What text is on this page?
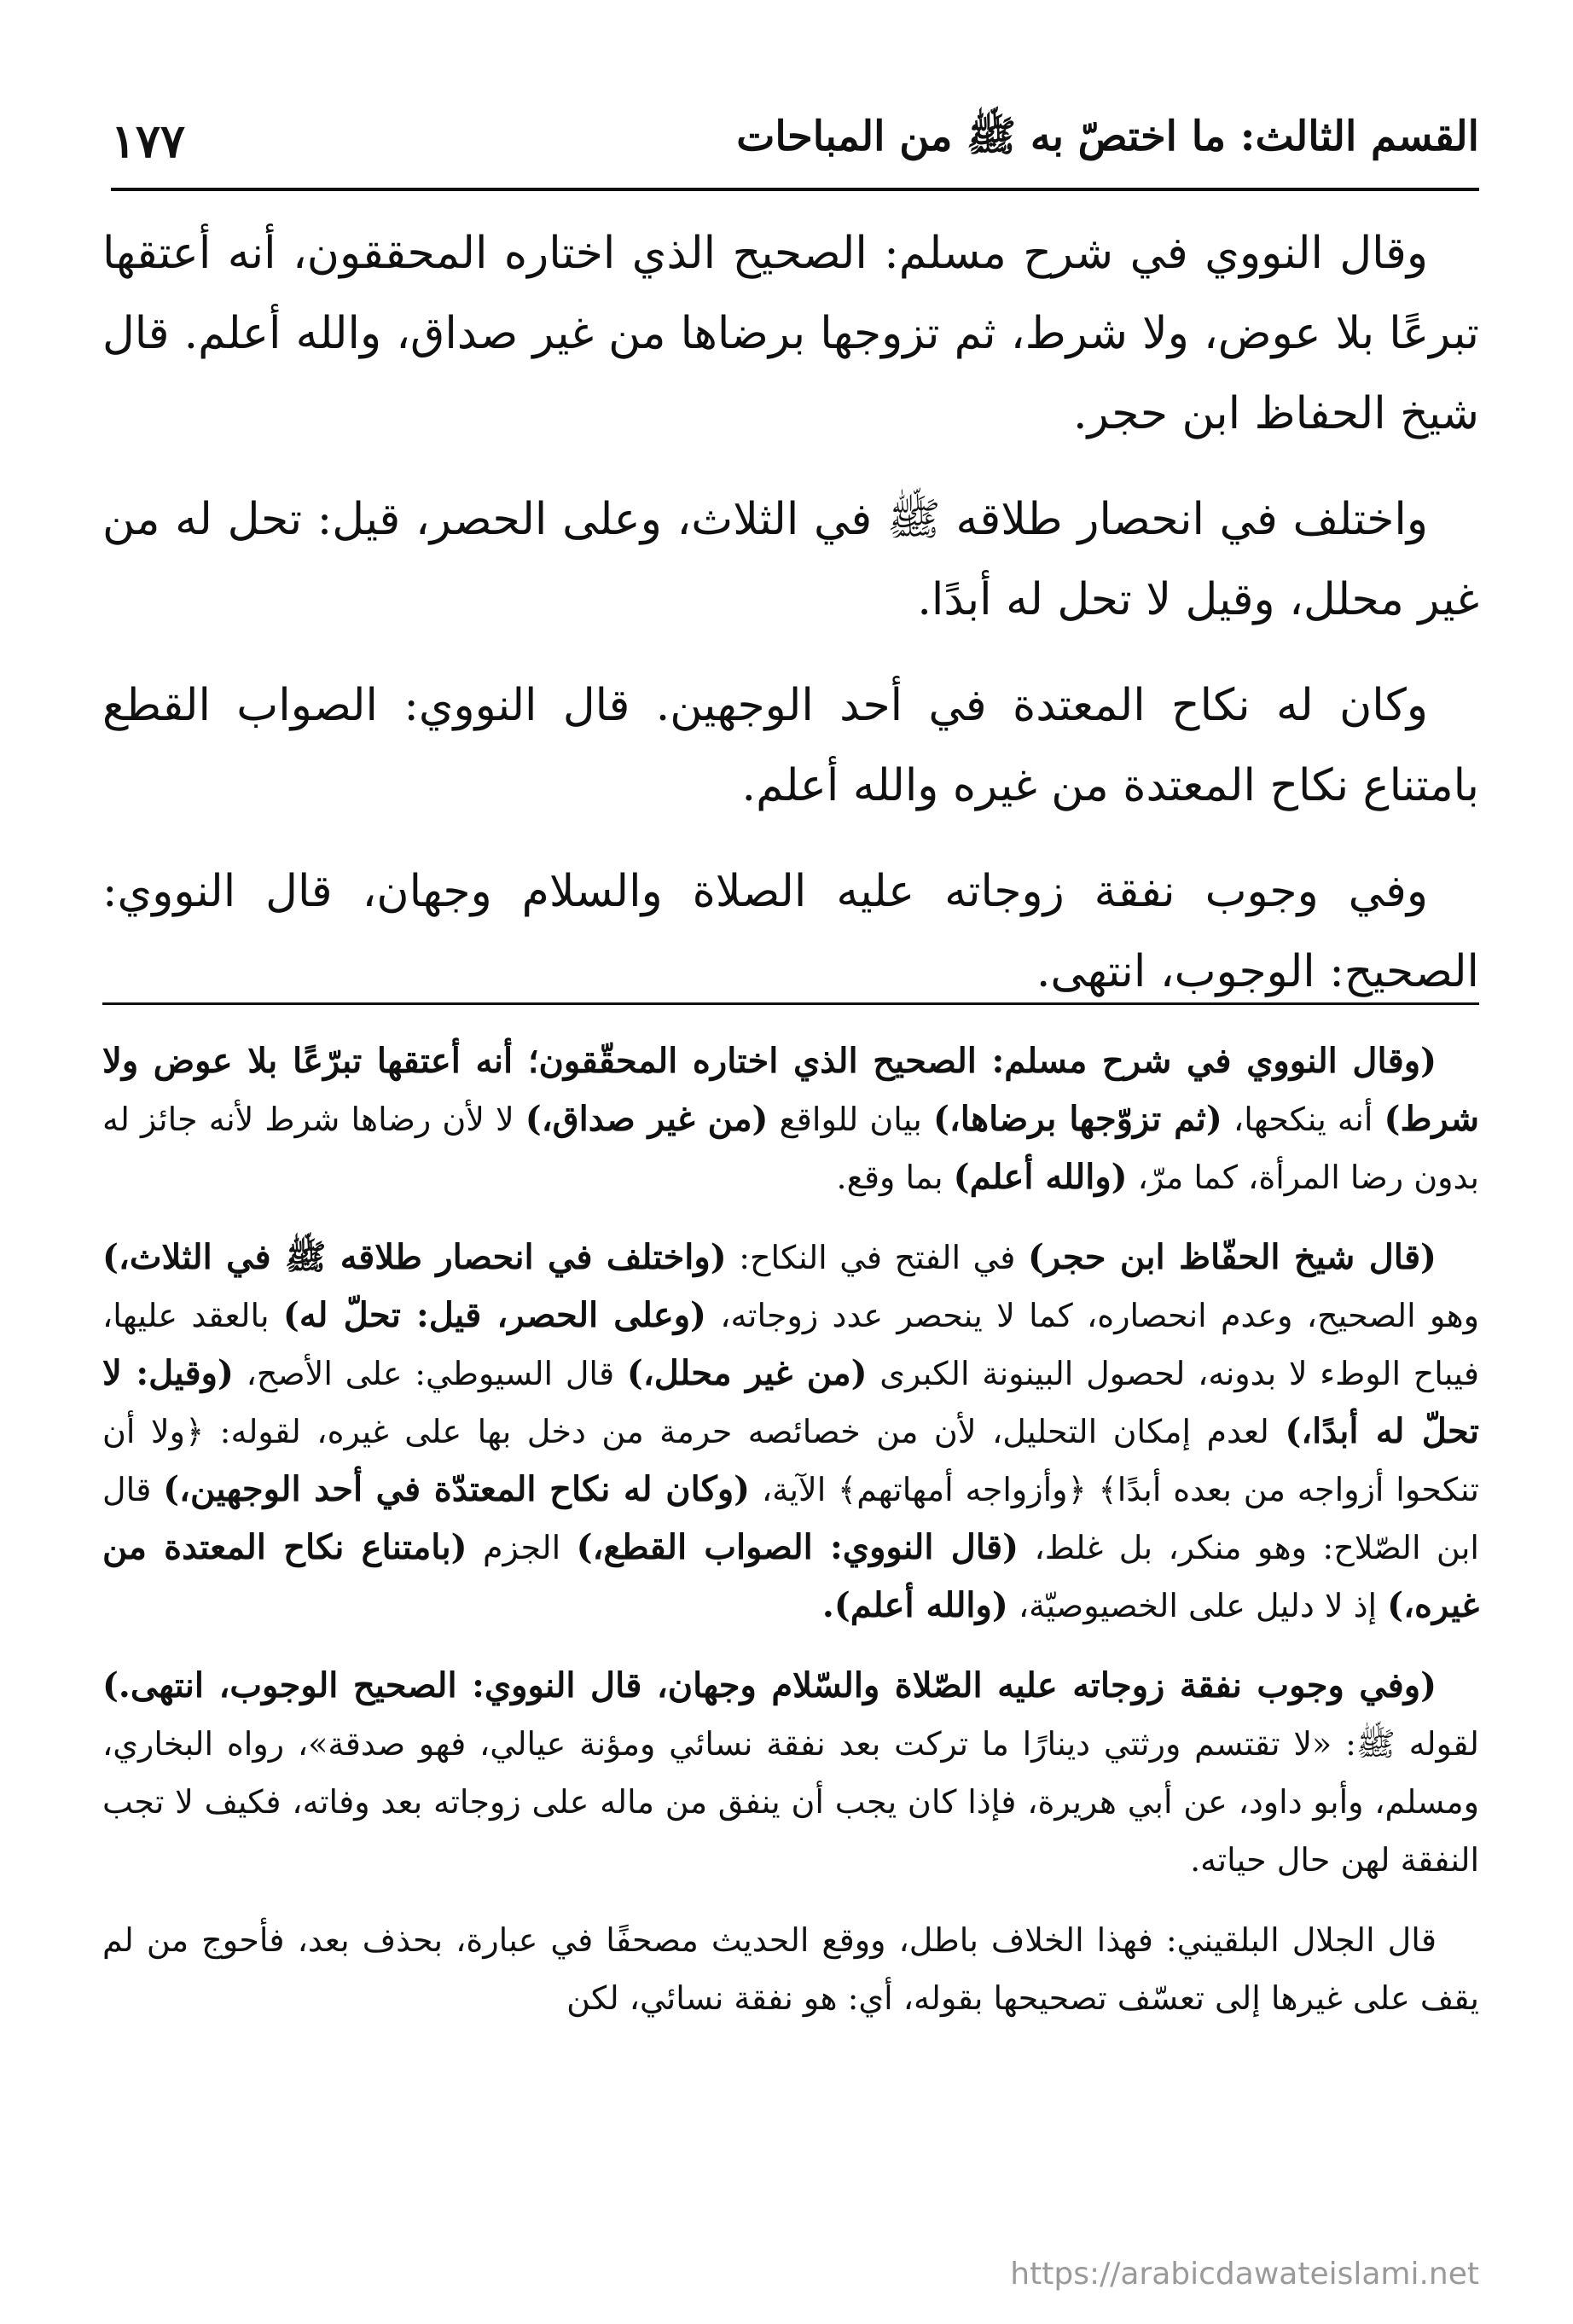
القسم الثالث: ما اختصّ به ﷺ من المباحات
١٧٧

وقال النووي في شرح مسلم: الصحيح الذي اختاره المحققون، أنه أعتقها تبرعًا بلا عوض، ولا شرط، ثم تزوجها برضاها من غير صداق، والله أعلم. قال شيخ الحفاظ ابن حجر.

واختلف في انحصار طلاقه ﷺ في الثلاث، وعلى الحصر، قيل: تحل له من غير محلل، وقيل لا تحل له أبدًا.

وكان له نكاح المعتدة في أحد الوجهين. قال النووي: الصواب القطع بامتناع نكاح المعتدة من غيره والله أعلم.

وفي وجوب نفقة زوجاته عليه الصلاة والسلام وجهان، قال النووي: الصحيح: الوجوب، انتهى.

(وقال النووي في شرح مسلم: الصحيح الذي اختاره المحقّقون؛ أنه أعتقها تبرّعًا بلا عوض ولا شرط) أنه ينكحها، (ثم تزوّجها برضاها،) بيان للواقع (من غير صداق،) لا لأن رضاها شرط لأنه جائز له بدون رضا المرأة، كما مرّ، (والله أعلم) بما وقع.

(قال شيخ الحفّاظ ابن حجر) في الفتح في النكاح: (واختلف في انحصار طلاقه ﷺ في الثلاث،) وهو الصحيح، وعدم انحصاره، كما لا ينحصر عدد زوجاته، (وعلى الحصر، قيل: تحلّ له) بالعقد عليها، فيباح الوطء لا بدونه، لحصول البينونة الكبرى (من غير محلل،) قال السيوطي: على الأصح، (وقيل: لا تحلّ له أبدًا،) لعدم إمكان التحليل، لأن من خصائصه حرمة من دخل بها على غيره، لقوله: ﴿ولا أن تنكحوا أزواجه من بعده أبدًا﴾ ﴿وأزواجه أمهاتهم﴾ الآية، (وكان له نكاح المعتدّة في أحد الوجهين،) قال ابن الصّلاح: وهو منكر، بل غلط، (قال النووي: الصواب القطع،) الجزم (بامتناع نكاح المعتدة من غيره،) إذ لا دليل على الخصيوصيّة، (والله أعلم).

(وفي وجوب نفقة زوجاته عليه الصّلاة والسّلام وجهان، قال النووي: الصحيح الوجوب، انتهى.) لقوله ﷺ: «لا تقتسم ورثتي دينارًا ما تركت بعد نفقة نسائي ومؤنة عيالي، فهو صدقة»، رواه البخاري، ومسلم، وأبو داود، عن أبي هريرة، فإذا كان يجب أن ينفق من ماله على زوجاته بعد وفاته، فكيف لا تجب النفقة لهن حال حياته.

قال الجلال البلقيني: فهذا الخلاف باطل، ووقع الحديث مصحفًا في عبارة، بحذف بعد، فأحوج من لم يقف على غيرها إلى تعسّف تصحيحها بقوله، أي: هو نفقة نسائي، لكن

https://arabicdawateislami.net
